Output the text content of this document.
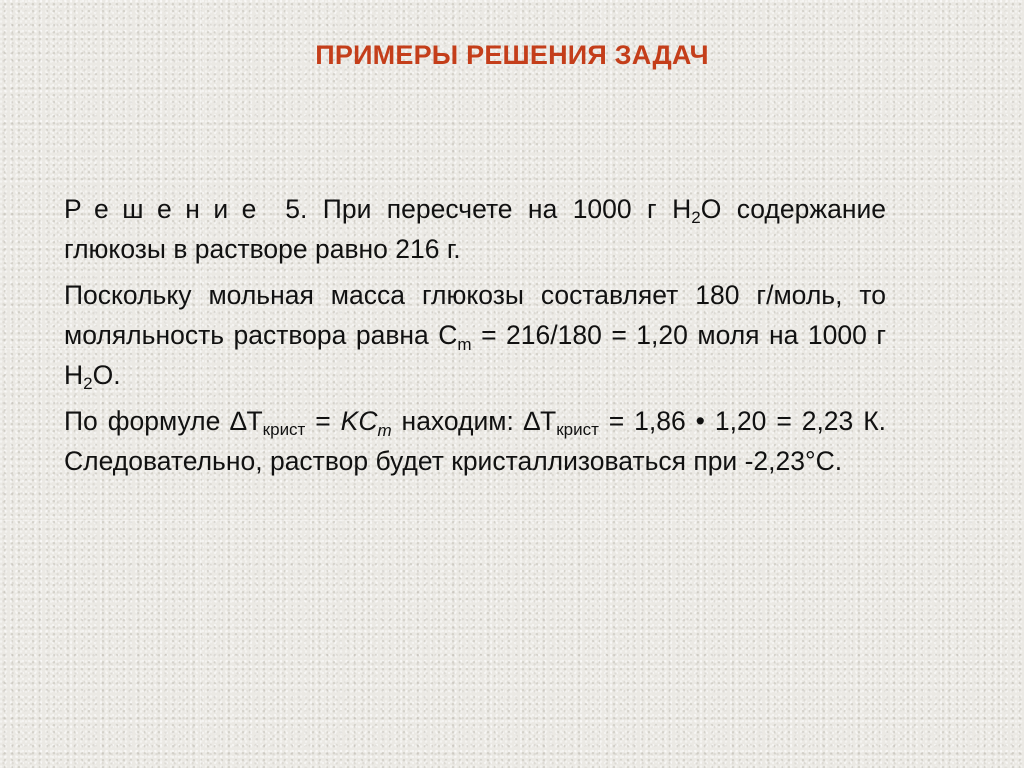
ПРИМЕРЫ РЕШЕНИЯ ЗАДАЧ

Решение 5. При пересчете на 1000 г $Н_2О$ содержание глюкозы в растворе равно 216 г.

Поскольку мольная масса глюкозы составляет 180 г/моль, то моляльность раствора равна $С_m = 216/180 = 1,20$ моля на 1000 г $Н_2О$.

По формуле $\Delta Т_{крист} = KC_m$ находим: $\Delta Т_{крист} = 1,86$ • 1,20 = 2,23 К. Следовательно, раствор будет кристаллизоваться при -2,23°С.
